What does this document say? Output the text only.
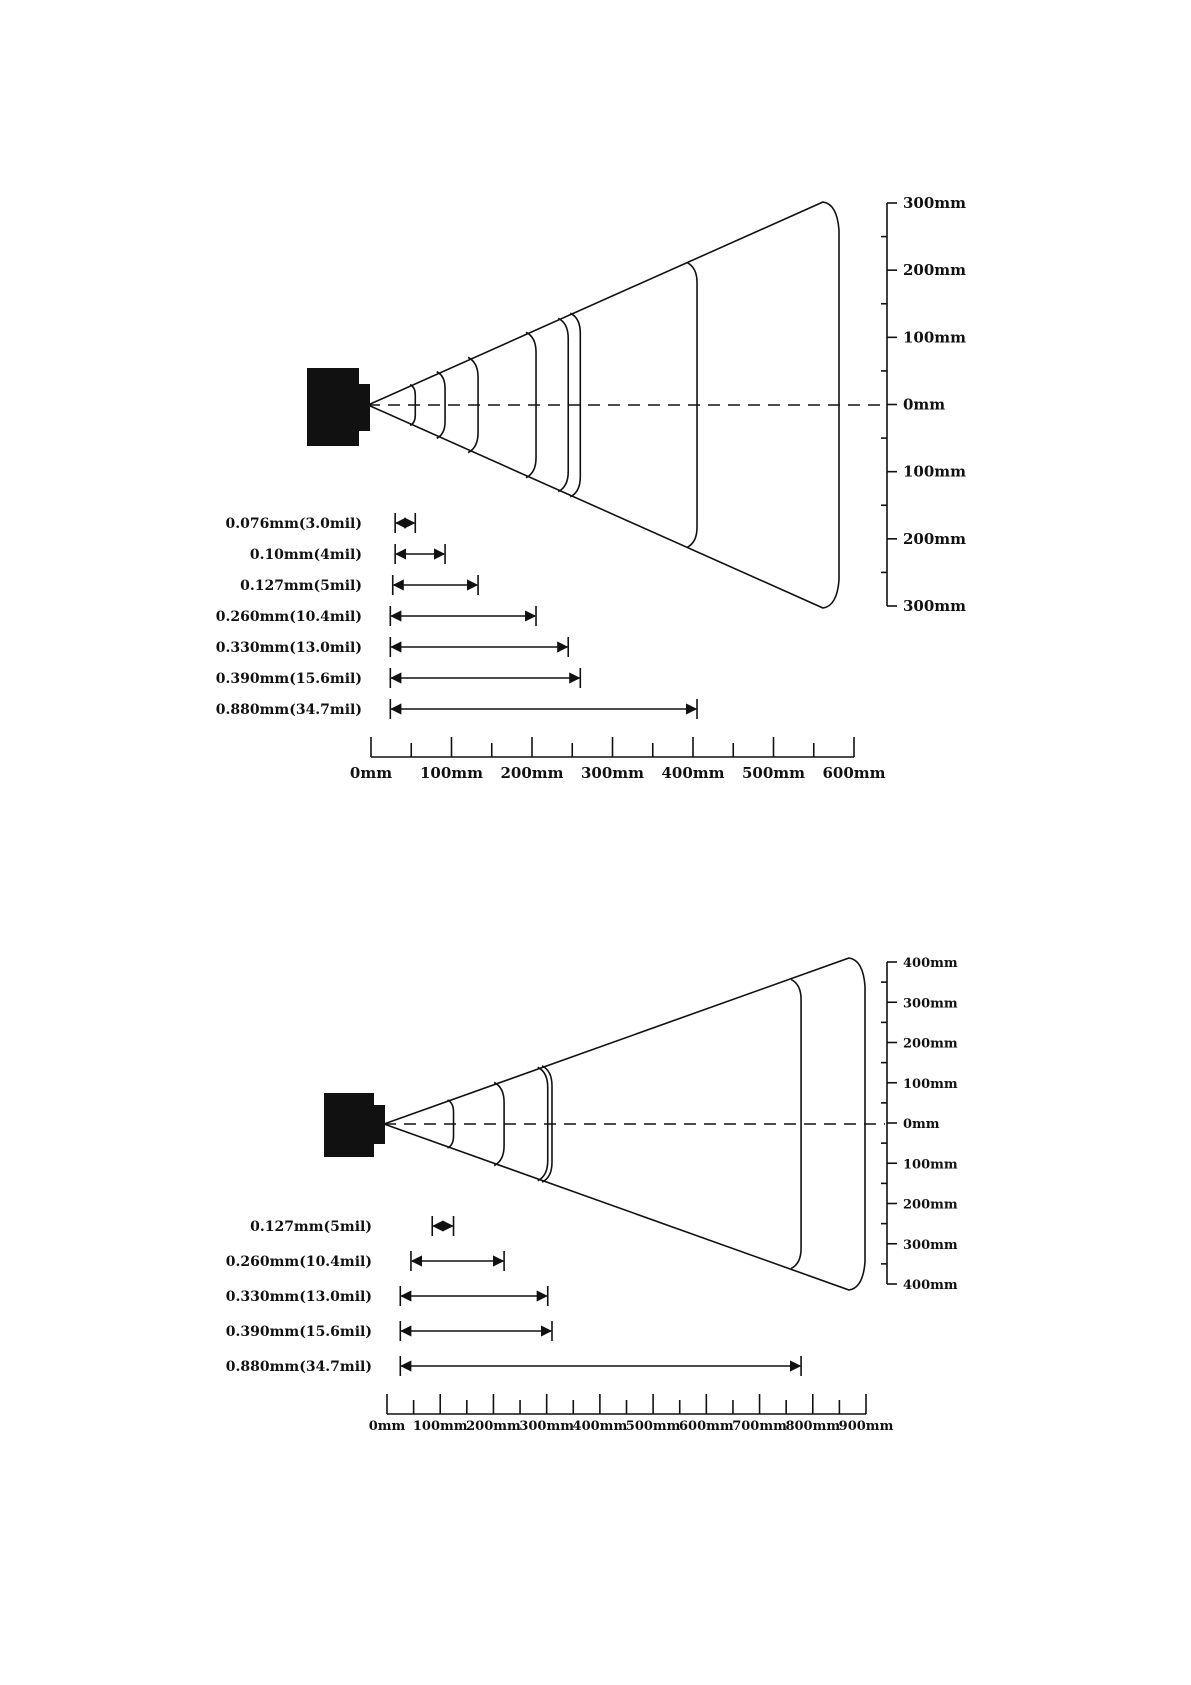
300mm
200mm
100mm
0mm
100mm
200mm
300mm
0mm 100mm 200mm 300mm 400mm 500mm 600mm
0.076mm(3.0mil)
0.10mm(4mil)
0.127mm(5mil)
0.260mm(10.4mil)
0.330mm(13.0mil)
0.390mm(15.6mil)
0.880mm(34.7mil)
400mm
300mm
200mm
100mm
0mm
100mm
200mm
300mm
400mm
0mm 100mm
200mm
300mm
400mm
500mm
600mm
700mm
800mm
900mm
0.127mm(5mil)
0.260mm(10.4mil)
0.330mm(13.0mil)
0.390mm(15.6mil)
0.880mm(34.7mil)
